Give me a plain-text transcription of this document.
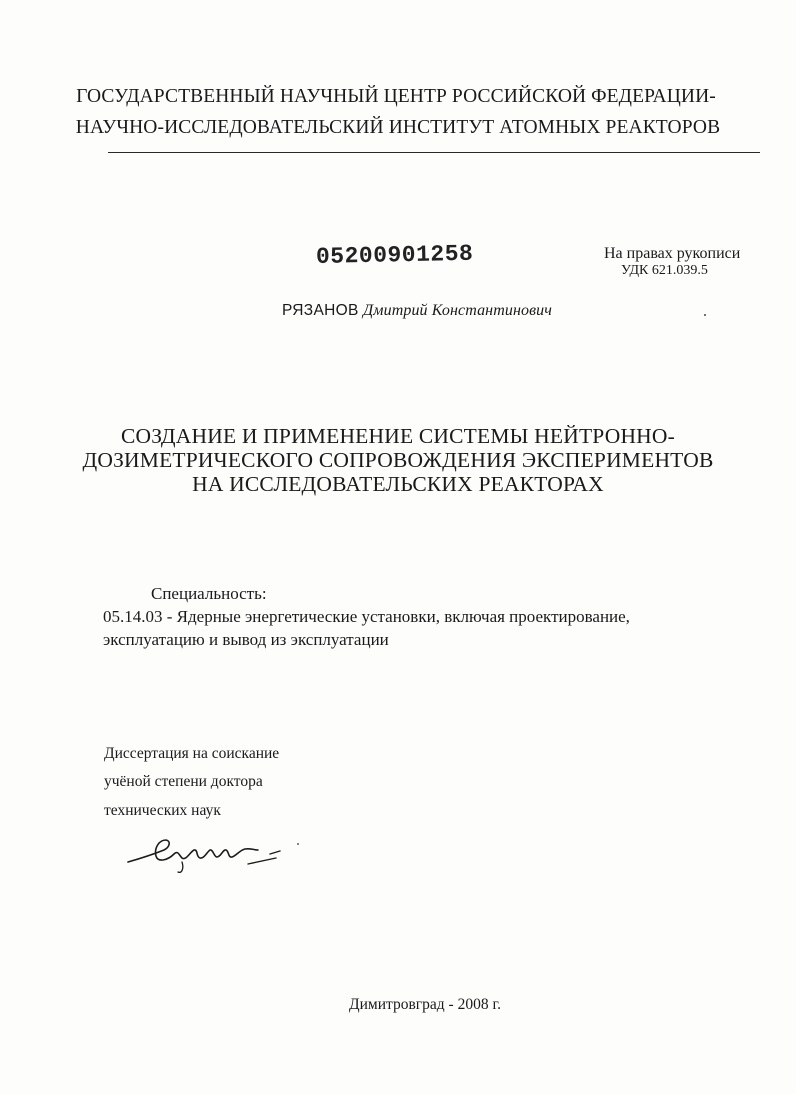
ГОСУДАРСТВЕННЫЙ НАУЧНЫЙ ЦЕНТР РОССИЙСКОЙ ФЕДЕРАЦИИ-
НАУЧНО-ИССЛЕДОВАТЕЛЬСКИЙ ИНСТИТУТ АТОМНЫХ РЕАКТОРОВ
05200901258	На правах рукописи
УДК 621.039.5
РЯЗАНОВ Дмитрий Константинович
СОЗДАНИЕ И ПРИМЕНЕНИЕ СИСТЕМЫ НЕЙТРОННО-
ДОЗИМЕТРИЧЕСКОГО СОПРОВОЖДЕНИЯ ЭКСПЕРИМЕНТОВ
НА ИССЛЕДОВАТЕЛЬСКИХ РЕАКТОРАХ
Специальность:
05.14.03 - Ядерные энергетические установки, включая проектирование,
эксплуатацию и вывод из эксплуатации
Диссертация на соискание
учёной степени доктора
технических наук
Димитровград - 2008 г.
